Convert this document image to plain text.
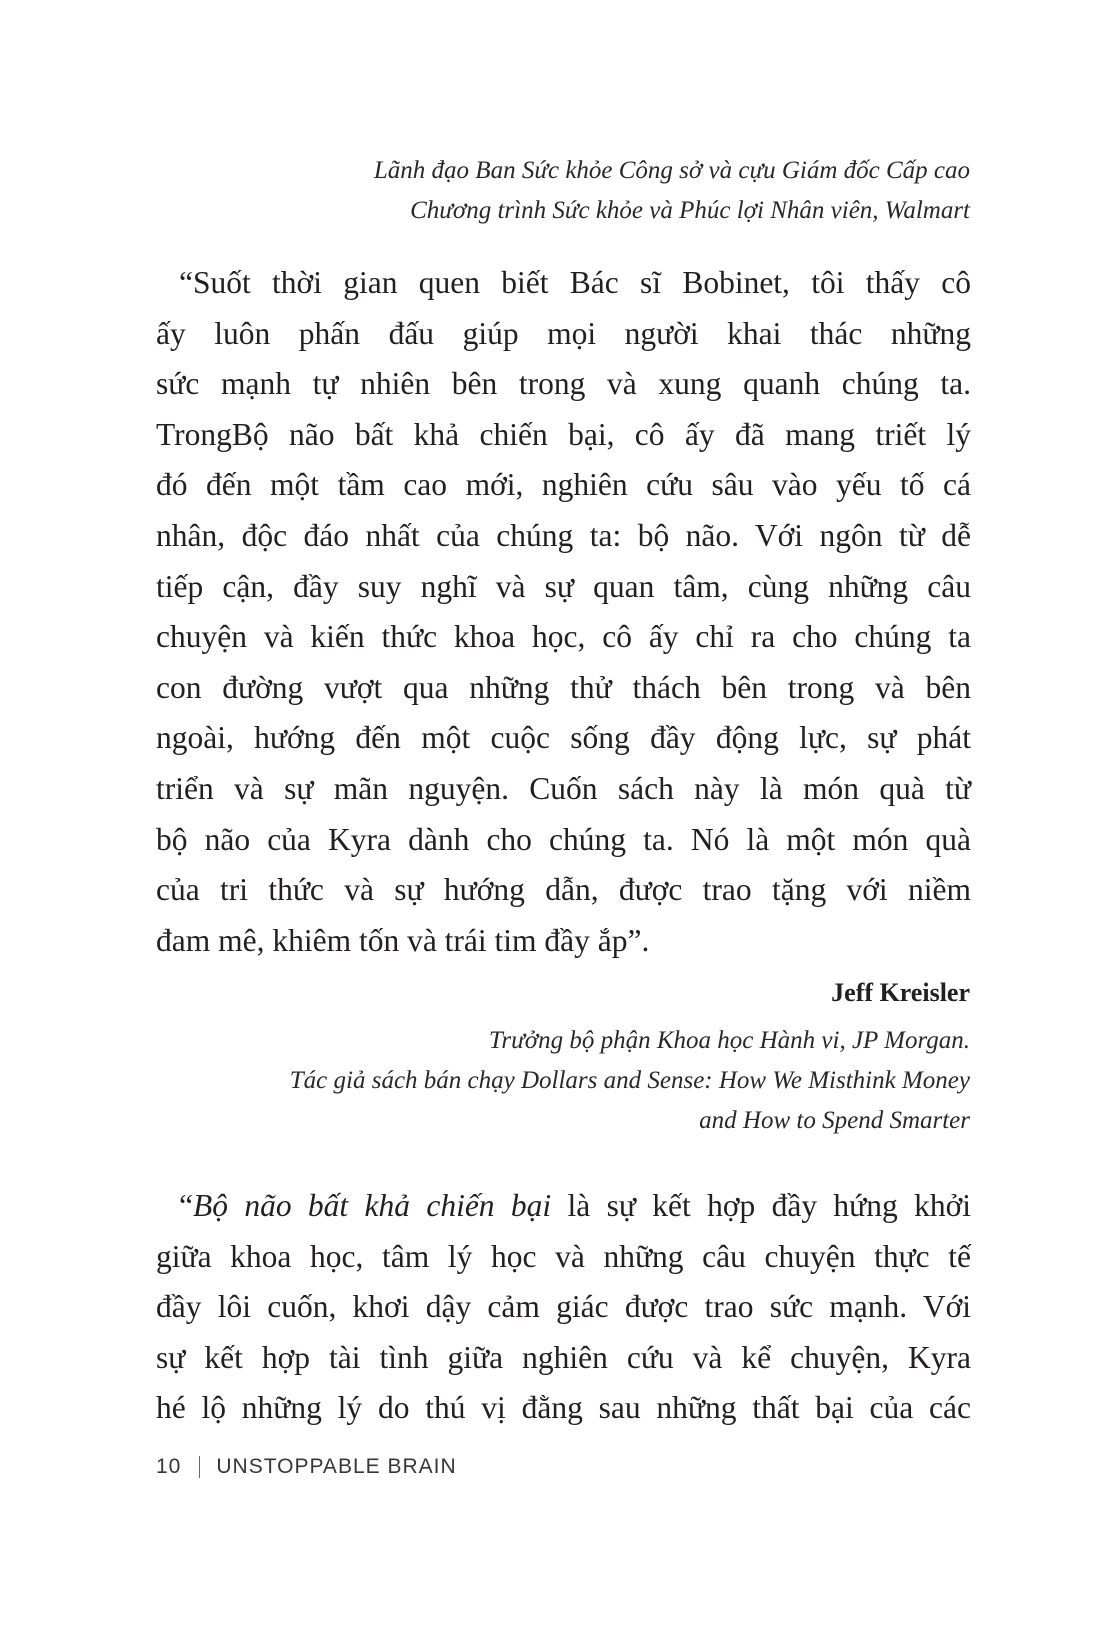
Lãnh đạo Ban Sức khỏe Công sở và cựu Giám đốc Cấp cao
Chương trình Sức khỏe và Phúc lợi Nhân viên, Walmart
“Suốt thời gian quen biết Bác sĩ Bobinet, tôi thấy cô
ấy luôn phấn đấu giúp mọi người khai thác những
sức mạnh tự nhiên bên trong và xung quanh chúng ta.
TrongBộ não bất khả chiến bại, cô ấy đã mang triết lý
đó đến một tầm cao mới, nghiên cứu sâu vào yếu tố cá
nhân, độc đáo nhất của chúng ta: bộ não. Với ngôn từ dễ
tiếp cận, đầy suy nghĩ và sự quan tâm, cùng những câu
chuyện và kiến thức khoa học, cô ấy chỉ ra cho chúng ta
con đường vượt qua những thử thách bên trong và bên
ngoài, hướng đến một cuộc sống đầy động lực, sự phát
triển và sự mãn nguyện. Cuốn sách này là món quà từ
bộ não của Kyra dành cho chúng ta. Nó là một món quà
của tri thức và sự hướng dẫn, được trao tặng với niềm
đam mê, khiêm tốn và trái tim đầy ắp”.
Jeff Kreisler
Trưởng bộ phận Khoa học Hành vi, JP Morgan.
Tác giả sách bán chạy Dollars and Sense: How We Misthink Money
and How to Spend Smarter
“Bộ não bất khả chiến bại là sự kết hợp đầy hứng khởi
giữa khoa học, tâm lý học và những câu chuyện thực tế
đầy lôi cuốn, khơi dậy cảm giác được trao sức mạnh. Với
sự kết hợp tài tình giữa nghiên cứu và kể chuyện, Kyra
hé lộ những lý do thú vị đằng sau những thất bại của các
10 UNSTOPPABLE BRAIN
